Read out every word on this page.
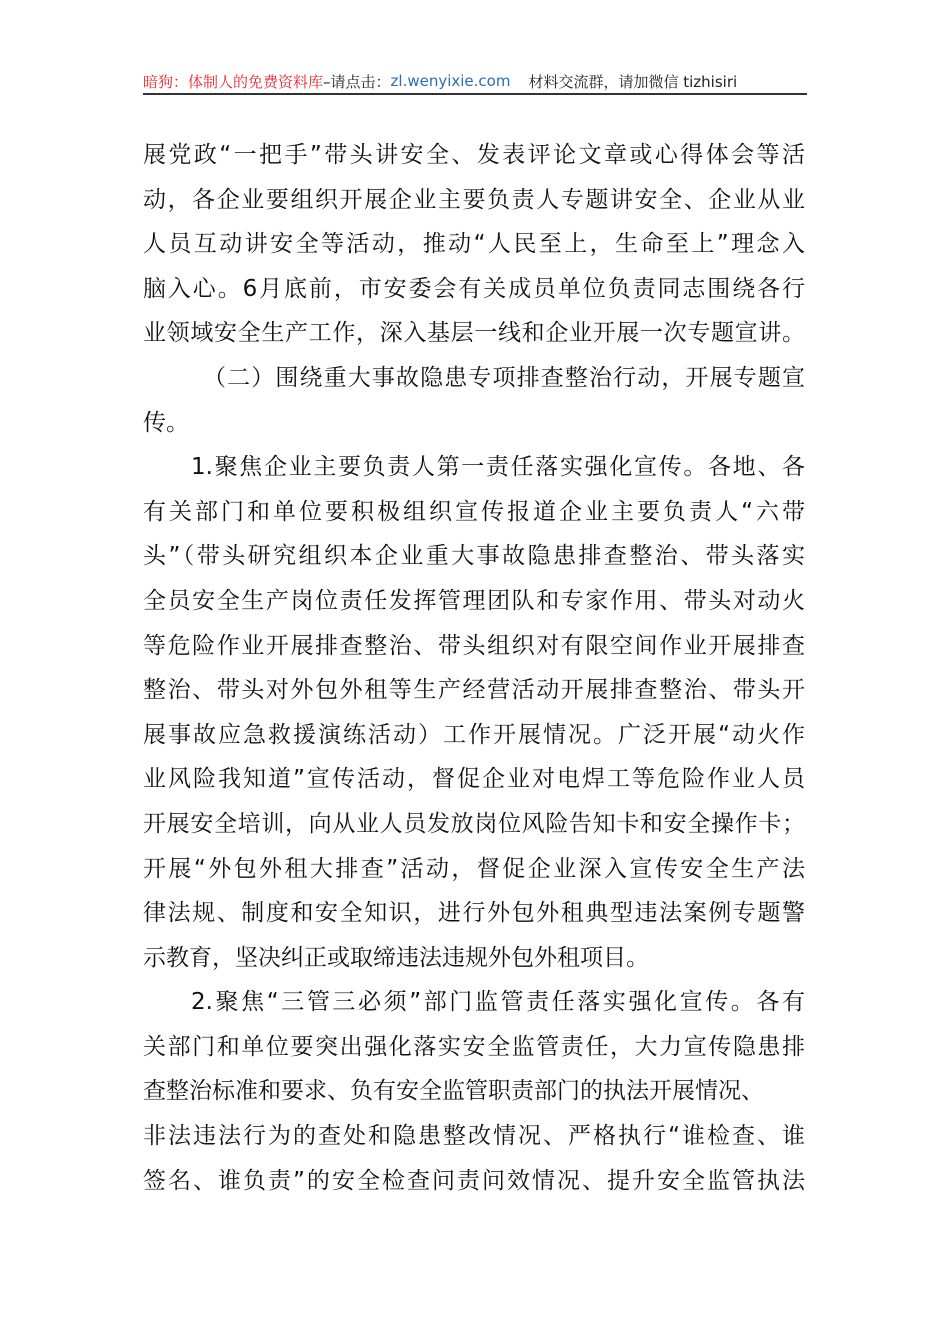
暗狗：体制人的免费资料库 –请点击： zl.wenyixie.com 材料交流群，请加微信 tizhisiri
展党政“一把手”带头讲安全、发表评论文章或心得体会等活
动，各企业要组织开展企业主要负责人专题讲安全、企业从业
人员互动讲安全等活动，推动“人民至上，生命至上”理念入
脑入心。6月底前，市安委会有关成员单位负责同志围绕各行
业领域安全生产工作，深入基层一线和企业开展一次专题宣讲。
（二）围绕重大事故隐患专项排查整治行动，开展专题宣
传。
1.聚焦企业主要负责人第一责任落实强化宣传。各地、各
有关部门和单位要积极组织宣传报道企业主要负责人“六带
头”（带头研究组织本企业重大事故隐患排查整治、带头落实
全员安全生产岗位责任发挥管理团队和专家作用、带头对动火
等危险作业开展排查整治、带头组织对有限空间作业开展排查
整治、带头对外包外租等生产经营活动开展排查整治、带头开
展事故应急救援演练活动）工作开展情况。广泛开展“动火作
业风险我知道”宣传活动，督促企业对电焊工等危险作业人员
开展安全培训，向从业人员发放岗位风险告知卡和安全操作卡；
开展“外包外租大排查”活动，督促企业深入宣传安全生产法
律法规、制度和安全知识，进行外包外租典型违法案例专题警
示教育，坚决纠正或取缔违法违规外包外租项目。
2.聚焦“三管三必须”部门监管责任落实强化宣传。各有
关部门和单位要突出强化落实安全监管责任，大力宣传隐患排
查整治标准和要求、负有安全监管职责部门的执法开展情况、
非法违法行为的查处和隐患整改情况、严格执行“谁检查、谁
签名、谁负责”的安全检查问责问效情况、提升安全监管执法
